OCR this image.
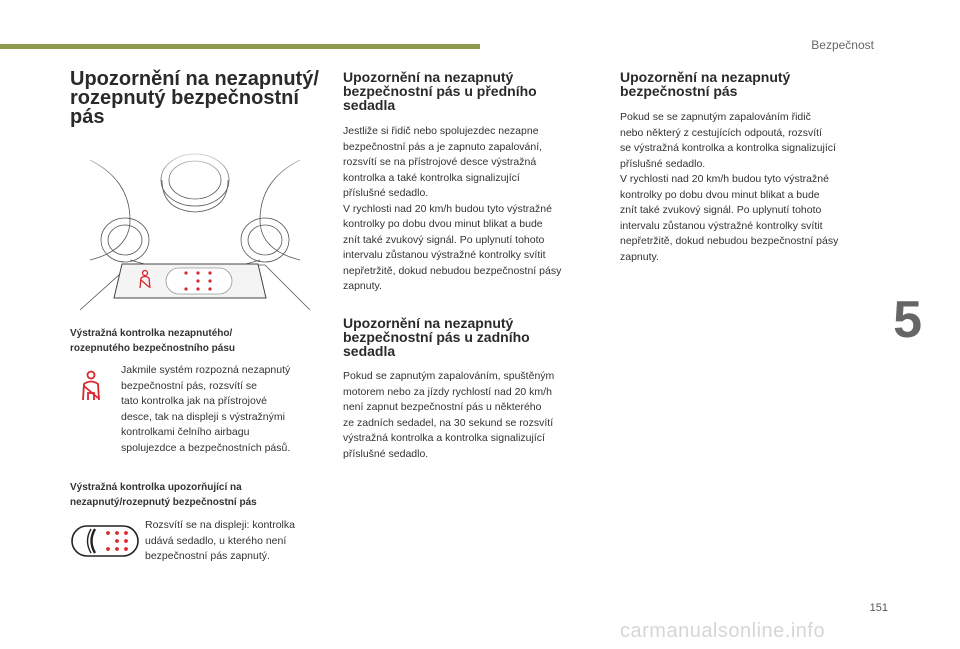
Bezpečnost
5
151
Upozornění na nezapnutý/
rozepnutý bezpečnostní
pás
Výstražná kontrolka nezapnutého/
rozepnutého bezpečnostního pásu

Jakmile systém rozpozná nezapnutý
bezpečnostní pás, rozsvítí se
tato kontrolka jak na přístrojové
desce, tak na displeji s výstražnými
kontrolkami čelního airbagu
spolujezdce a bezpečnostních pásů.

Výstražná kontrolka upozorňující na
nezapnutý/rozepnutý bezpečnostní pás

Rozsvítí se na displeji: kontrolka
udává sedadlo, u kterého není
bezpečnostní pás zapnutý.

Upozornění na nezapnutý
bezpečnostní pás u předního
sedadla

Jestliže si řidič nebo spolujezdec nezapne
bezpečnostní pás a je zapnuto zapalování,
rozsvítí se na přístrojové desce výstražná
kontrolka a také kontrolka signalizující
příslušné sedadlo.
V rychlosti nad 20 km/h budou tyto výstražné
kontrolky po dobu dvou minut blikat a bude
znít také zvukový signál. Po uplynutí tohoto
intervalu zůstanou výstražné kontrolky svítit
nepřetržitě, dokud nebudou bezpečnostní pásy
zapnuty.

Upozornění na nezapnutý
bezpečnostní pás u zadního
sedadla

Pokud se zapnutým zapalováním, spuštěným
motorem nebo za jízdy rychlostí nad 20 km/h
není zapnut bezpečnostní pás u některého
ze zadních sedadel, na 30 sekund se rozsvítí
výstražná kontrolka a kontrolka signalizující
příslušné sedadlo.

Upozornění na nezapnutý
bezpečnostní pás

Pokud se se zapnutým zapalováním řidič
nebo některý z cestujících odpoutá, rozsvítí
se výstražná kontrolka a kontrolka signalizující
příslušné sedadlo.
V rychlosti nad 20 km/h budou tyto výstražné
kontrolky po dobu dvou minut blikat a bude
znít také zvukový signál. Po uplynutí tohoto
intervalu zůstanou výstražné kontrolky svítit
nepřetržitě, dokud nebudou bezpečnostní pásy
zapnuty.

carmanualsonline.info
